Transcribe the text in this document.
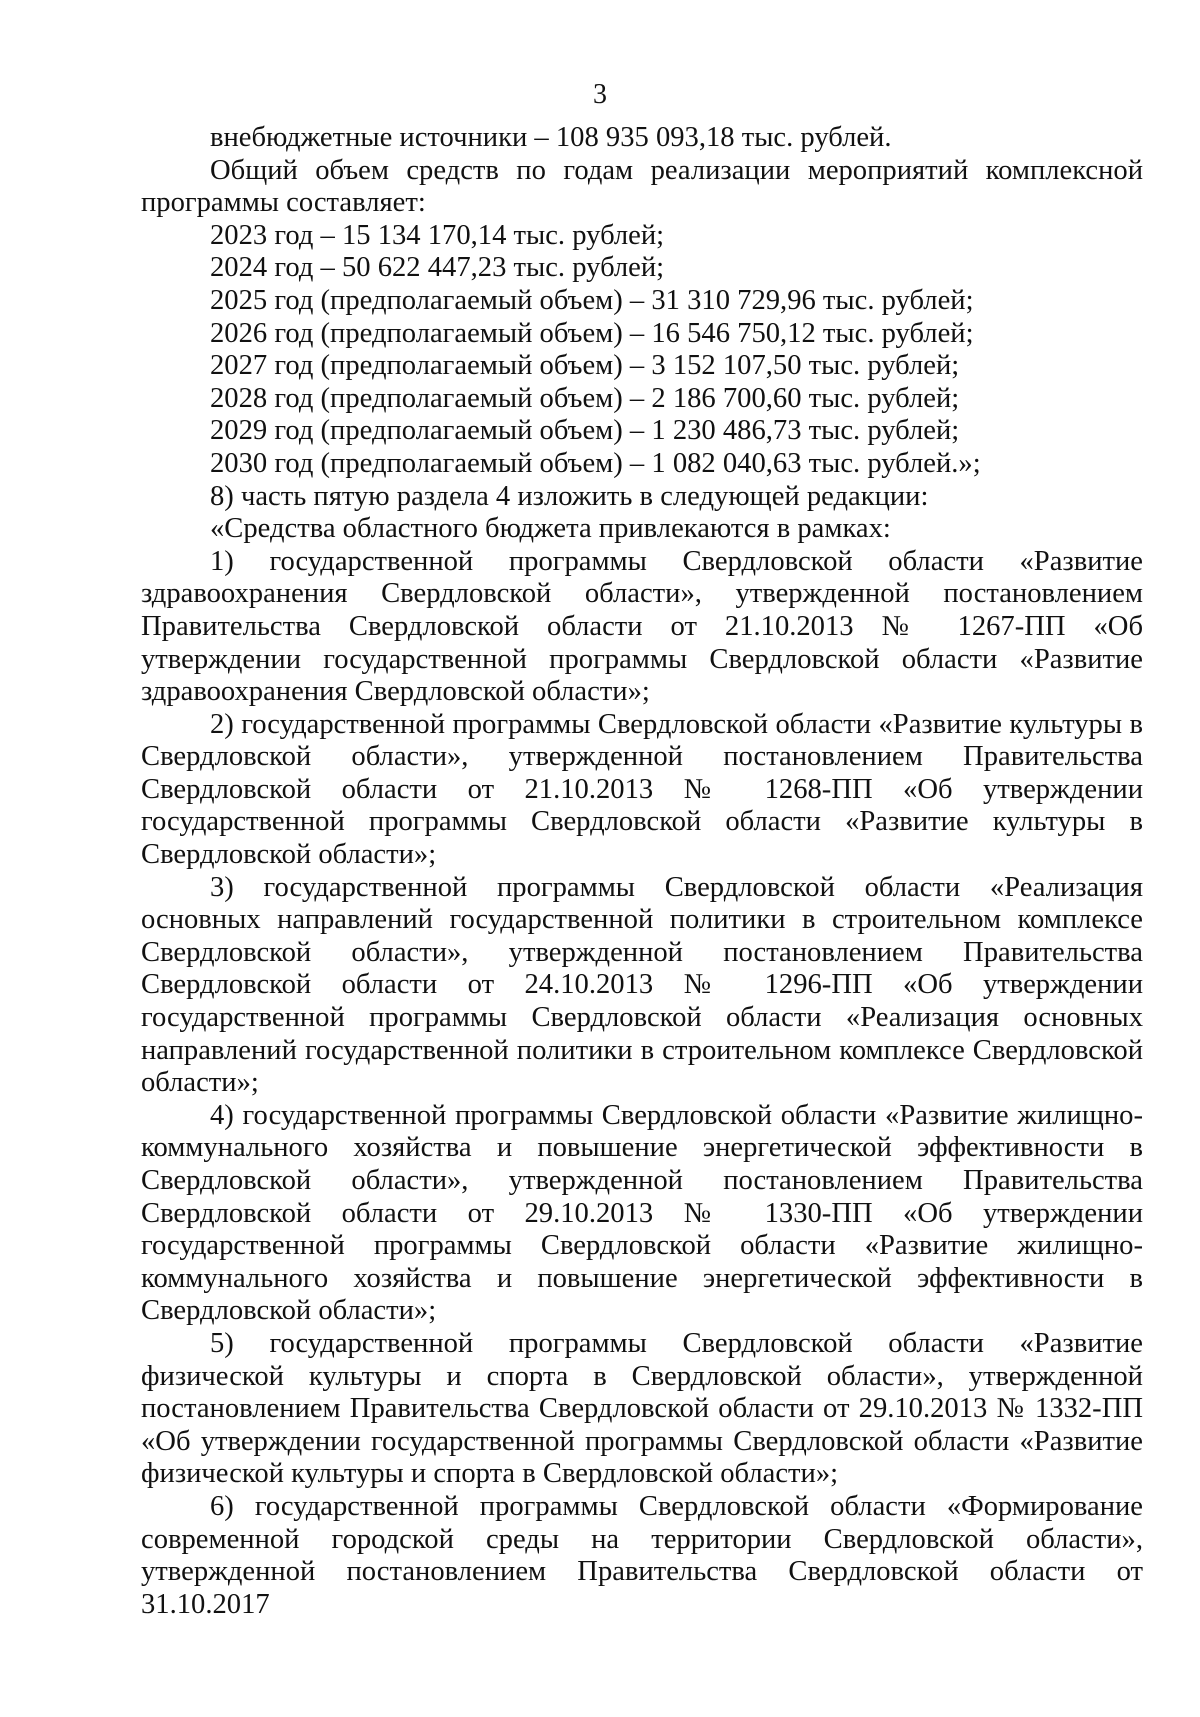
3

внебюджетные источники – 108 935 093,18 тыс. рублей.

Общий объем средств по годам реализации мероприятий комплексной программы составляет:

2023 год – 15 134 170,14 тыс. рублей;

2024 год – 50 622 447,23 тыс. рублей;

2025 год (предполагаемый объем) – 31 310 729,96 тыс. рублей;

2026 год (предполагаемый объем) – 16 546 750,12 тыс. рублей;

2027 год (предполагаемый объем) – 3 152 107,50 тыс. рублей;

2028 год (предполагаемый объем) – 2 186 700,60 тыс. рублей;

2029 год (предполагаемый объем) – 1 230 486,73 тыс. рублей;

2030 год (предполагаемый объем) – 1 082 040,63 тыс. рублей.»;

8) часть пятую раздела 4 изложить в следующей редакции:

«Средства областного бюджета привлекаются в рамках:

1) государственной программы Свердловской области «Развитие здравоохранения Свердловской области», утвержденной постановлением Правительства Свердловской области от 21.10.2013 № 1267-ПП «Об утверждении государственной программы Свердловской области «Развитие здравоохранения Свердловской области»;

2) государственной программы Свердловской области «Развитие культуры в Свердловской области», утвержденной постановлением Правительства Свердловской области от 21.10.2013 № 1268-ПП «Об утверждении государственной программы Свердловской области «Развитие культуры в Свердловской области»;

3) государственной программы Свердловской области «Реализация основных направлений государственной политики в строительном комплексе Свердловской области», утвержденной постановлением Правительства Свердловской области от 24.10.2013 № 1296-ПП «Об утверждении государственной программы Свердловской области «Реализация основных направлений государственной политики в строительном комплексе Свердловской области»;

4) государственной программы Свердловской области «Развитие жилищно-коммунального хозяйства и повышение энергетической эффективности в Свердловской области», утвержденной постановлением Правительства Свердловской области от 29.10.2013 № 1330-ПП «Об утверждении государственной программы Свердловской области «Развитие жилищно-коммунального хозяйства и повышение энергетической эффективности в Свердловской области»;

5) государственной программы Свердловской области «Развитие физической культуры и спорта в Свердловской области», утвержденной постановлением Правительства Свердловской области от 29.10.2013 № 1332-ПП «Об утверждении государственной программы Свердловской области «Развитие физической культуры и спорта в Свердловской области»;

6) государственной программы Свердловской области «Формирование современной городской среды на территории Свердловской области», утвержденной постановлением Правительства Свердловской области от 31.10.2017
